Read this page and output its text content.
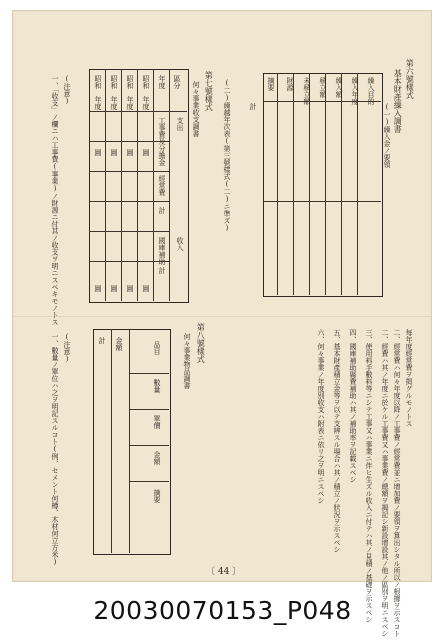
第六號樣式
基本財產繰入調書
(一)繰入金ノ要領
繰入目的
繰入年度
繰入額
積立額
未積立額
財源
摘要
計
(二)繰越年次表(第三號樣式(二)ニ準ズ)
第七號樣式
何々事業收支調書
區分
支出
收入
年度
昭和　年度
昭和　年度
昭和　年度
昭和　年度
工事費及分擔金
經常費
計
國庫補助
計
圓
圓
圓
圓
圓
圓
圓
圓
(注意)
一、「收支」ノ欄ニハ工事費(事業)ノ財源ニ付其ノ收支ヲ明ニスベキモノトス
每年度經常費ヲ掲グルモノトス
二、經常費ハ何々年度以降ノ工事費ノ經常費並ニ增加費ノ要領ヲ算出シタル所以ノ根據ヲ示スコト
二、經費ハ其ノ年度ニ於ケル工事費又ハ事業費ノ總額ヲ揭記シ新設增設其ノ他ノ區別ヲ明ニスベシ
三、使用料手數料等ニシテ工事又ハ事業ニ伴ヒ生ズル收入ニ付テハ其ノ見積ノ基礎ヲ示スベシ
四、國庫補助縣費補助ハ其ノ補助率ヲ記載スベシ
五、基本財產積立金等ヲ以テ支辨スル場合ハ其ノ積立ノ狀況ヲ示スベシ
六、何々事業ノ年度別收支ハ附表ニ依リ之ヲ明ニスベシ
第八號樣式
何々事業物品調書
品目
數量
單價
金額
摘要
金額
計
(注意)
一、數量ノ單位ハ之ヲ明記スルコト(例、セメント何樽、木材何立方米)
〔 44 〕
20030070153_P048
